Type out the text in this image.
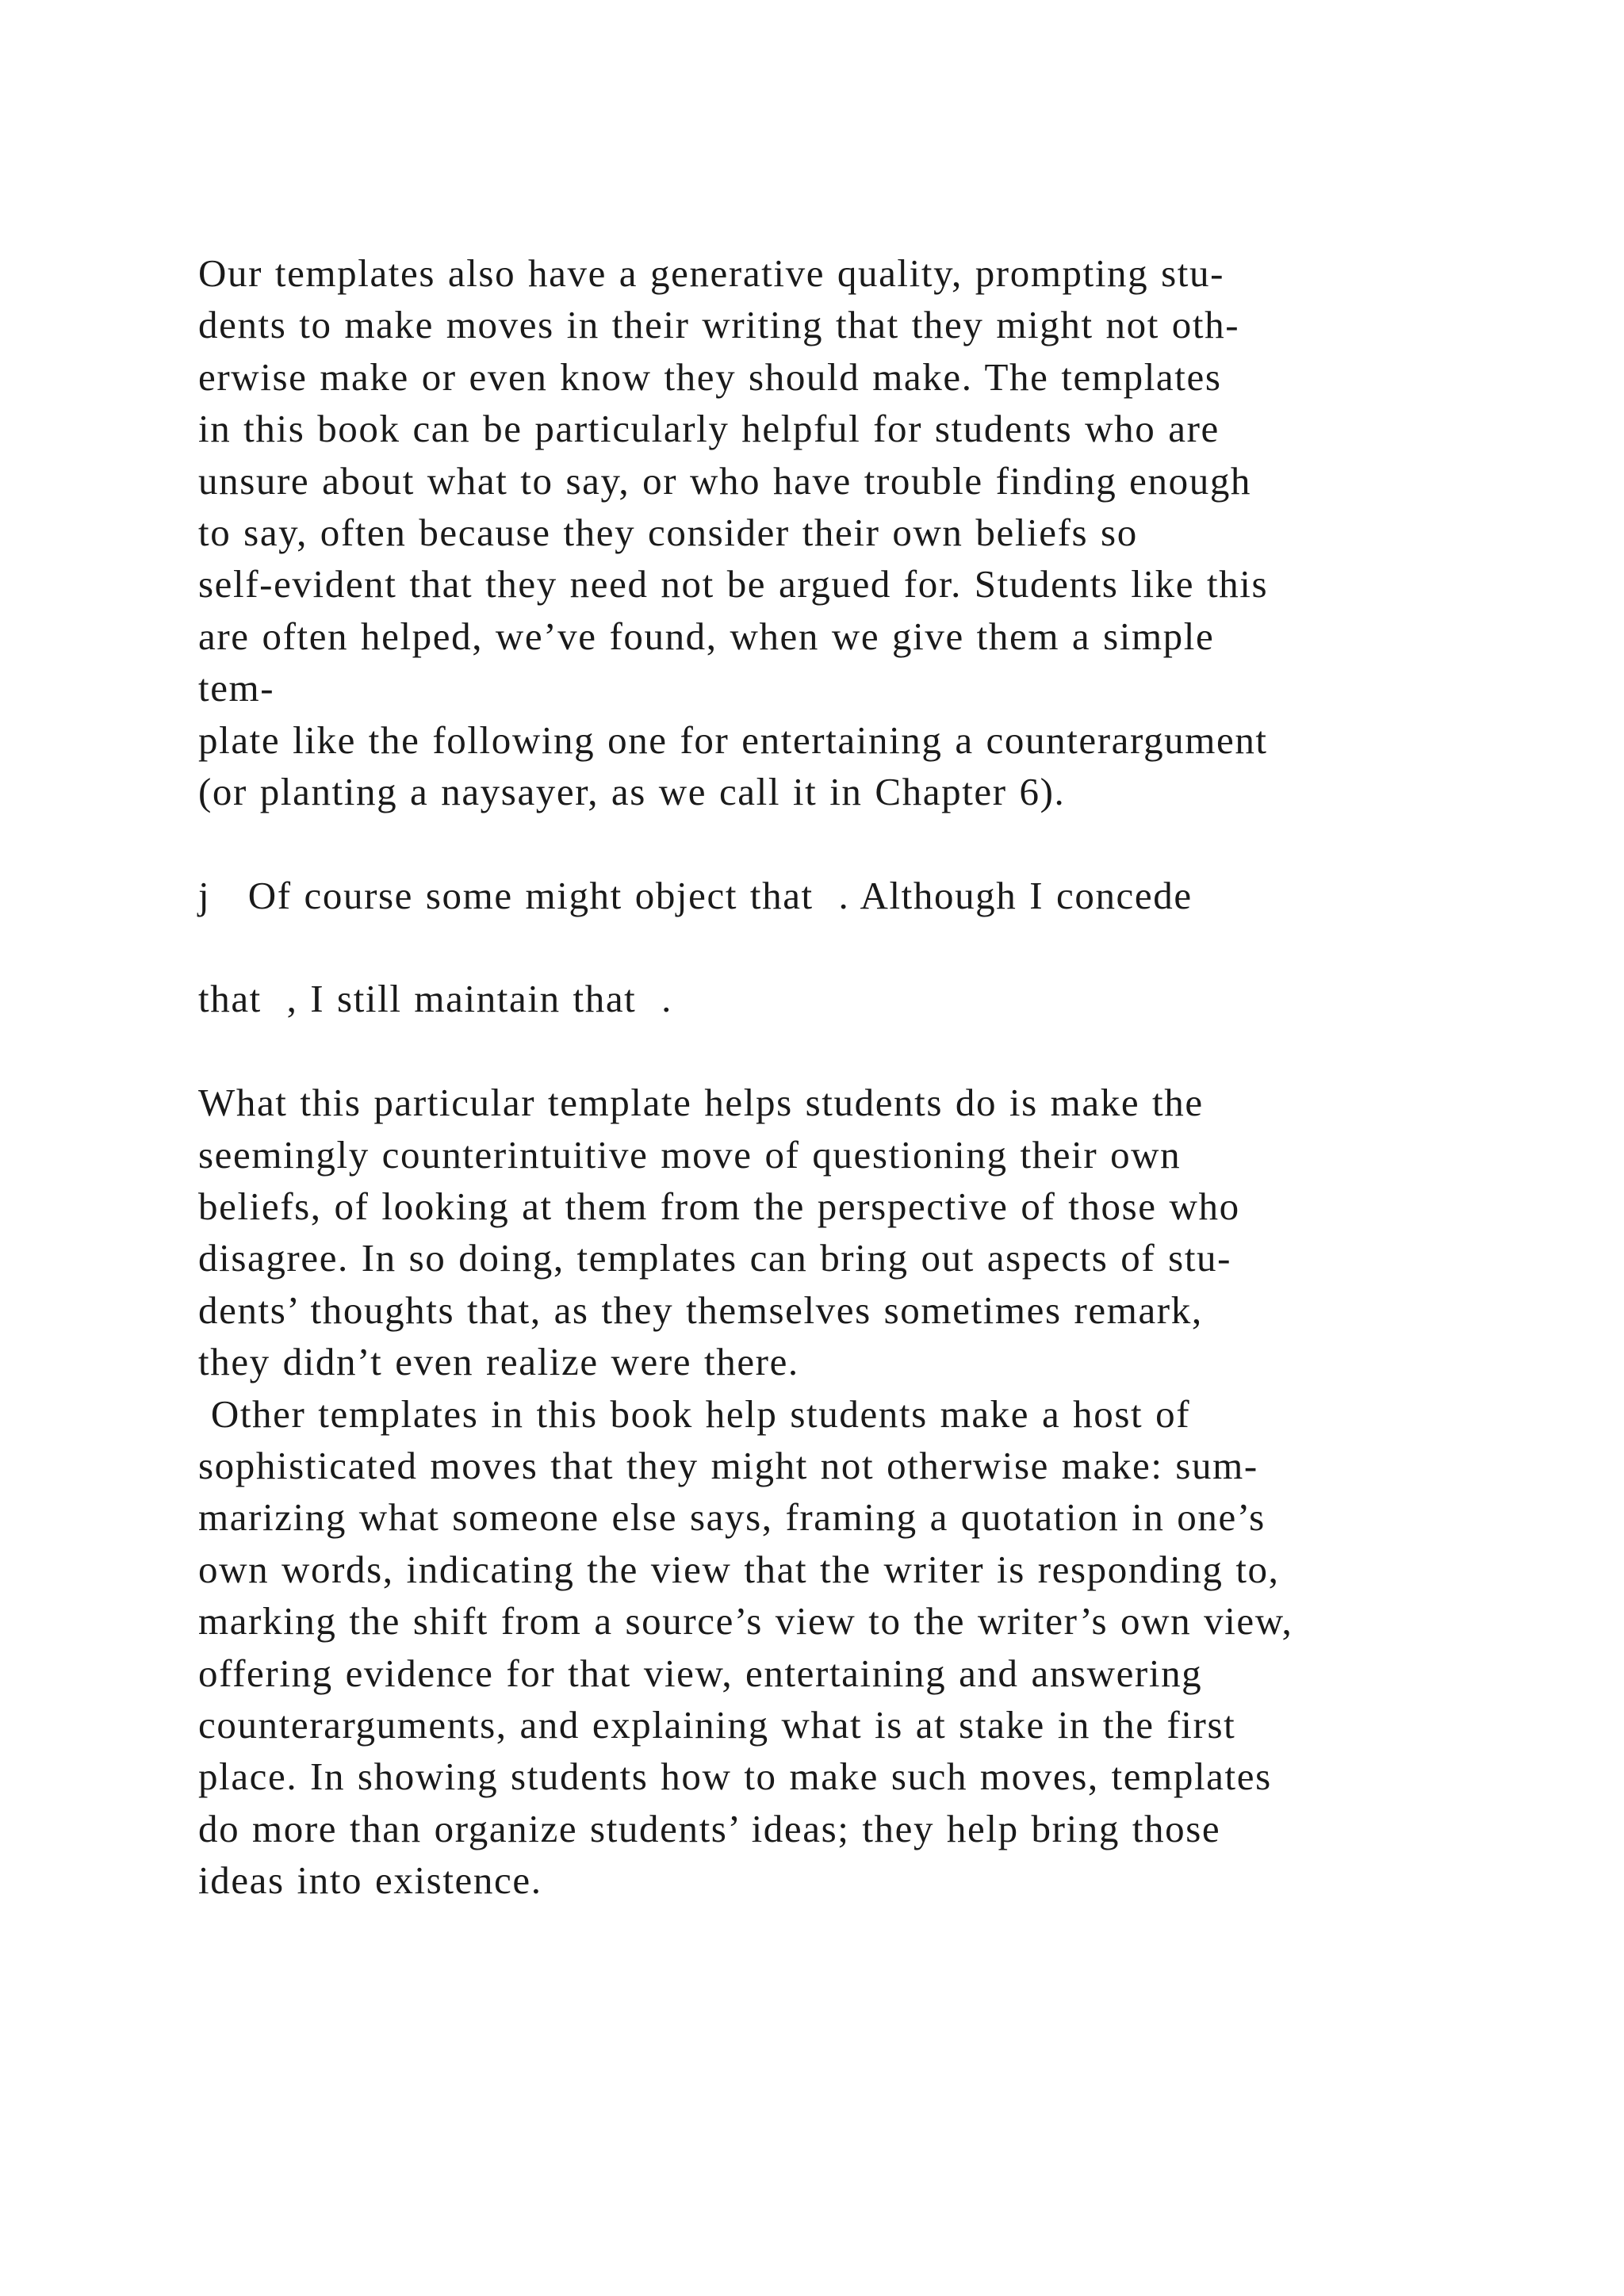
Our templates also have a generative quality, prompting stu-
dents to make moves in their writing that they might not oth-
erwise make or even know they should make. The templates
in this book can be particularly helpful for students who are
unsure about what to say, or who have trouble finding enough
to say, often because they consider their own beliefs so
self-evident that they need not be argued for. Students like this
are often helped, we’ve found, when we give them a simple
tem-
plate like the following one for entertaining a counterargument
(or planting a naysayer, as we call it in Chapter 6).
j   Of course some might object that  . Although I concede
that  , I still maintain that  .
What this particular template helps students do is make the
seemingly counterintuitive move of questioning their own
beliefs, of looking at them from the perspective of those who
disagree. In so doing, templates can bring out aspects of stu-
dents’ thoughts that, as they themselves sometimes remark,
they didn’t even realize were there.
Other templates in this book help students make a host of
sophisticated moves that they might not otherwise make: sum-
marizing what someone else says, framing a quotation in one’s
own words, indicating the view that the writer is responding to,
marking the shift from a source’s view to the writer’s own view,
offering evidence for that view, entertaining and answering
counterarguments, and explaining what is at stake in the first
place. In showing students how to make such moves, templates
do more than organize students’ ideas; they help bring those
ideas into existence.
